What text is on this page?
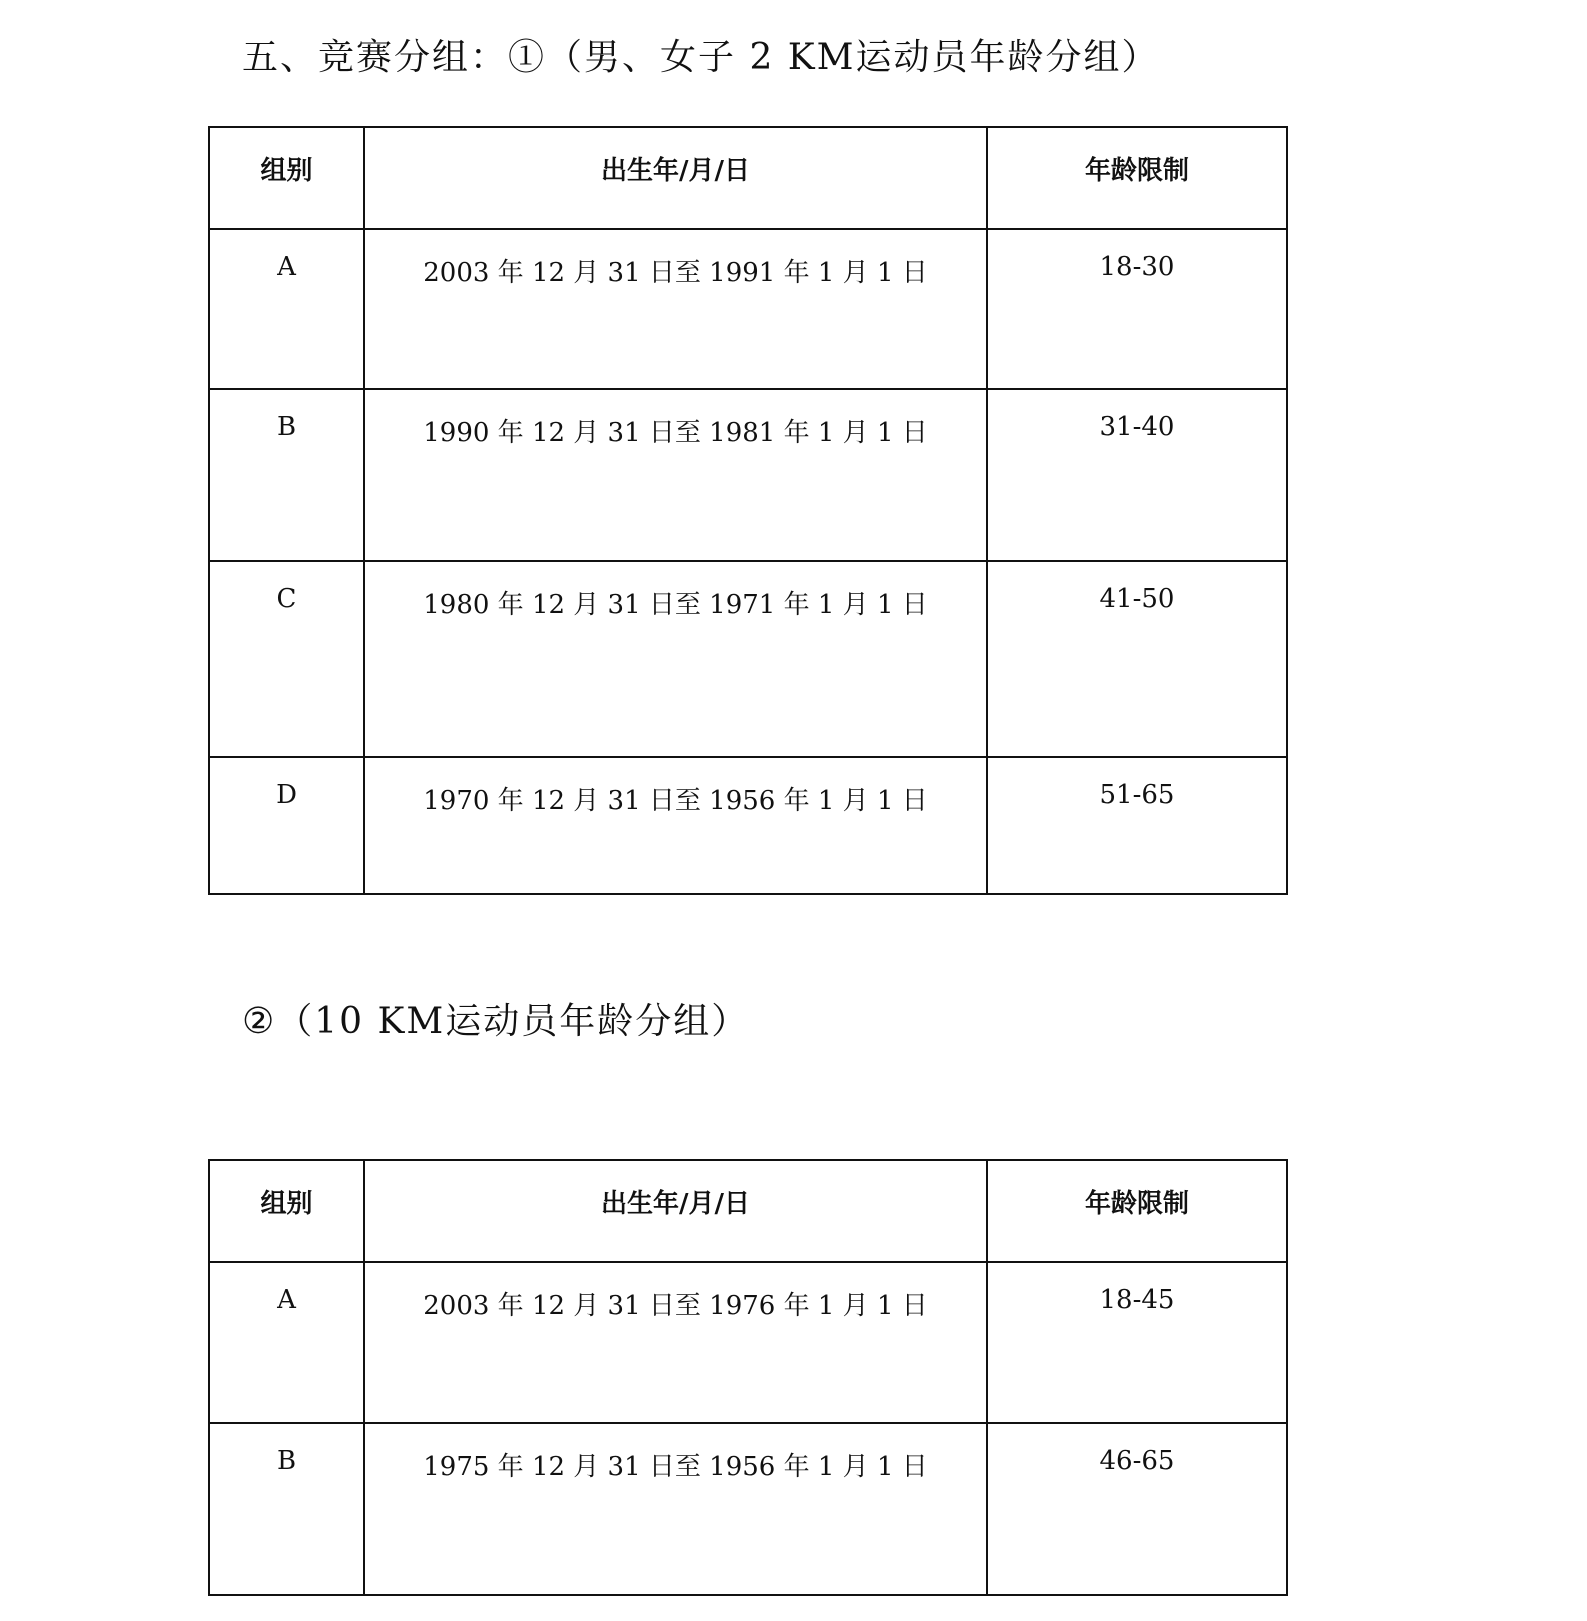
五、竞赛分组：①（男、女子 2 KM运动员年龄分组）
组别	出生年/月/日	年龄限制

A	2003 年 12 月 31 日至 1991 年 1 月 1 日	18-30

B	1990 年 12 月 31 日至 1981 年 1 月 1 日	31-40

C	1980 年 12 月 31 日至 1971 年 1 月 1 日	41-50

D	1970 年 12 月 31 日至 1956 年 1 月 1 日	51-65
②（10 KM运动员年龄分组）
组别	出生年/月/日	年龄限制

A	2003 年 12 月 31 日至 1976 年 1 月 1 日	18-45

B	1975 年 12 月 31 日至 1956 年 1 月 1 日	46-65
